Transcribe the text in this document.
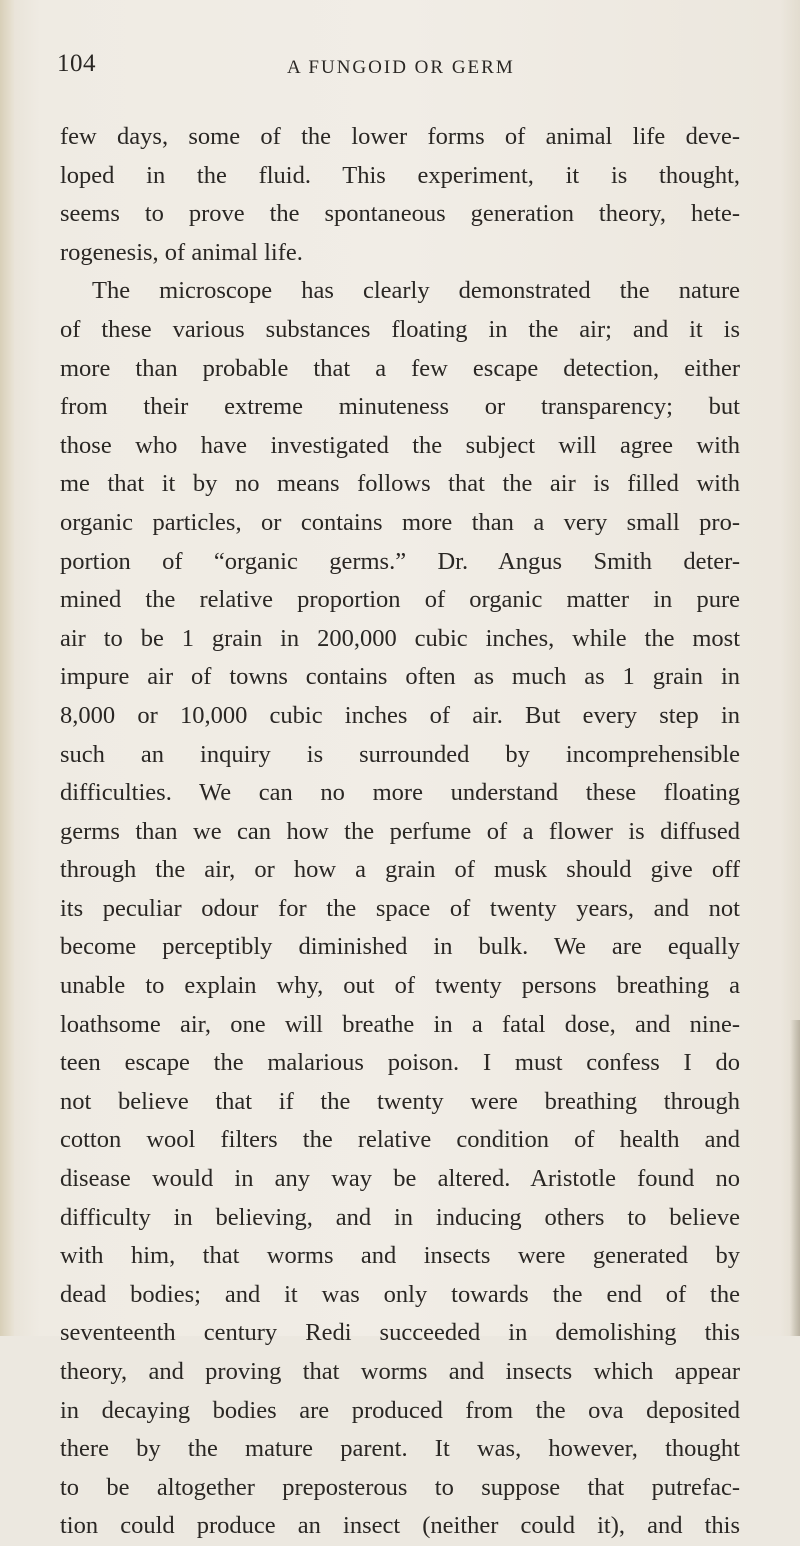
104	A FUNGOID OR GERM
few days, some of the lower forms of animal life deve-
loped in the fluid. This experiment, it is thought,
seems to prove the spontaneous generation theory, hete-
rogenesis, of animal life.
The microscope has clearly demonstrated the nature
of these various substances floating in the air; and it is
more than probable that a few escape detection, either
from their extreme minuteness or transparency; but
those who have investigated the subject will agree with
me that it by no means follows that the air is filled with
organic particles, or contains more than a very small pro-
portion of “organic germs.” Dr. Angus Smith deter-
mined the relative proportion of organic matter in pure
air to be 1 grain in 200,000 cubic inches, while the most
impure air of towns contains often as much as 1 grain in
8,000 or 10,000 cubic inches of air. But every step in
such an inquiry is surrounded by incomprehensible
difficulties. We can no more understand these floating
germs than we can how the perfume of a flower is diffused
through the air, or how a grain of musk should give off
its peculiar odour for the space of twenty years, and not
become perceptibly diminished in bulk. We are equally
unable to explain why, out of twenty persons breathing a
loathsome air, one will breathe in a fatal dose, and nine-
teen escape the malarious poison. I must confess I do
not believe that if the twenty were breathing through
cotton wool filters the relative condition of health and
disease would in any way be altered. Aristotle found no
difficulty in believing, and in inducing others to believe
with him, that worms and insects were generated by
dead bodies; and it was only towards the end of the
seventeenth century Redi succeeded in demolishing this
theory, and proving that worms and insects which appear
in decaying bodies are produced from the ova deposited
there by the mature parent. It was, however, thought
to be altogether preposterous to suppose that putrefac-
tion could produce an insect (neither could it), and this
